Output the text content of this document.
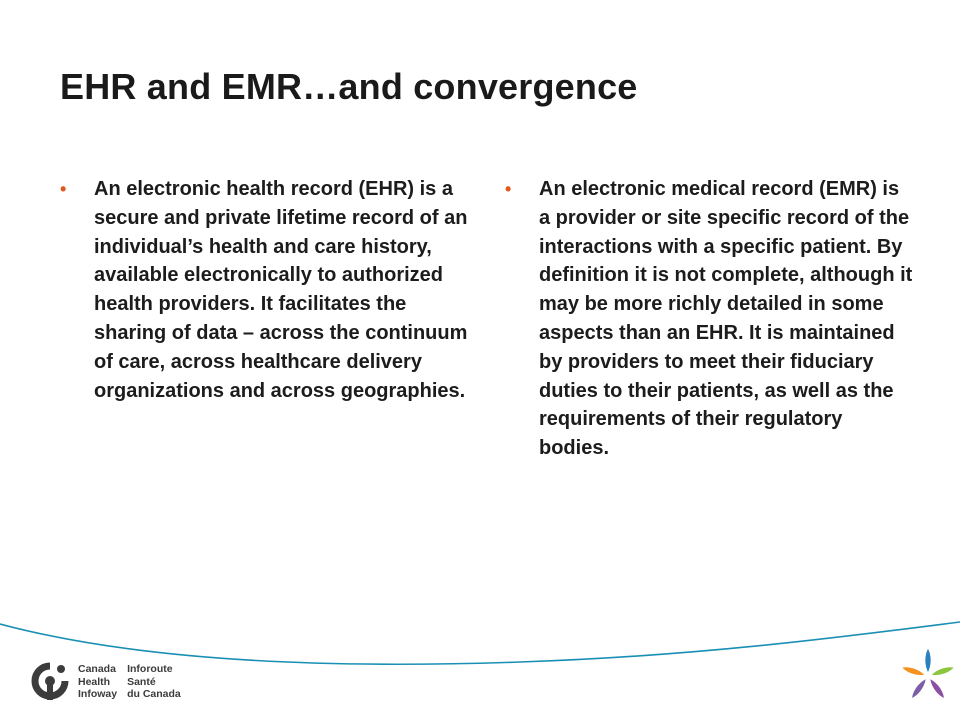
EHR and EMR…and convergence
•	An electronic health record (EHR) is a secure and private lifetime record of an individual’s health and care history, available electronically to authorized health providers. It facilitates the sharing of data – across the continuum of care, across healthcare delivery organizations and across geographies.

•	An electronic medical record (EMR) is a provider or site specific record of the interactions with a specific patient. By definition it is not complete, although it may be more richly detailed in some aspects than an EHR. It is maintained by providers to meet their fiduciary duties to their patients, as well as the requirements of their regulatory bodies.

Canada
Health
Infoway
Inforoute
Santé
du Canada
